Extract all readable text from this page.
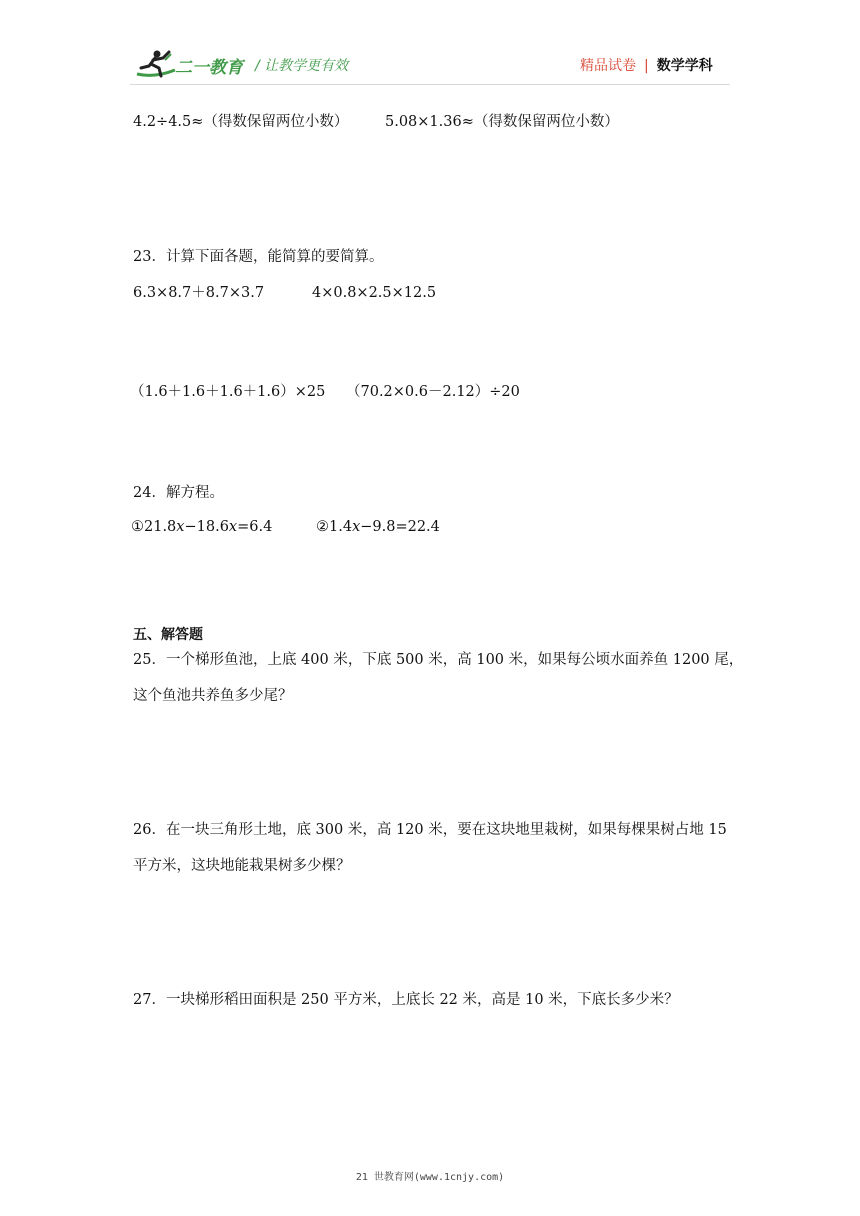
二一教育 / 让教学更有效	精品试卷 | 数学学科
4.2÷4.5≈（得数保留两位小数）	5.08×1.36≈（得数保留两位小数）
23．计算下面各题，能简算的要简算。
6.3×8.7＋8.7×3.7	4×0.8×2.5×12.5
（1.6＋1.6＋1.6＋1.6）×25 （70.2×0.6－2.12）÷20
24．解方程。
①21.8x−18.6x=6.4	②1.4x−9.8=22.4
五、解答题
25．一个梯形鱼池，上底 400 米，下底 500 米，高 100 米，如果每公顷水面养鱼 1200 尾，
这个鱼池共养鱼多少尾？
26．在一块三角形土地，底 300 米，高 120 米，要在这块地里栽树，如果每棵果树占地 15
平方米，这块地能栽果树多少棵？
27．一块梯形稻田面积是 250 平方米，上底长 22 米，高是 10 米，下底长多少米？
21 世教育网(www.1cnjy.com)
